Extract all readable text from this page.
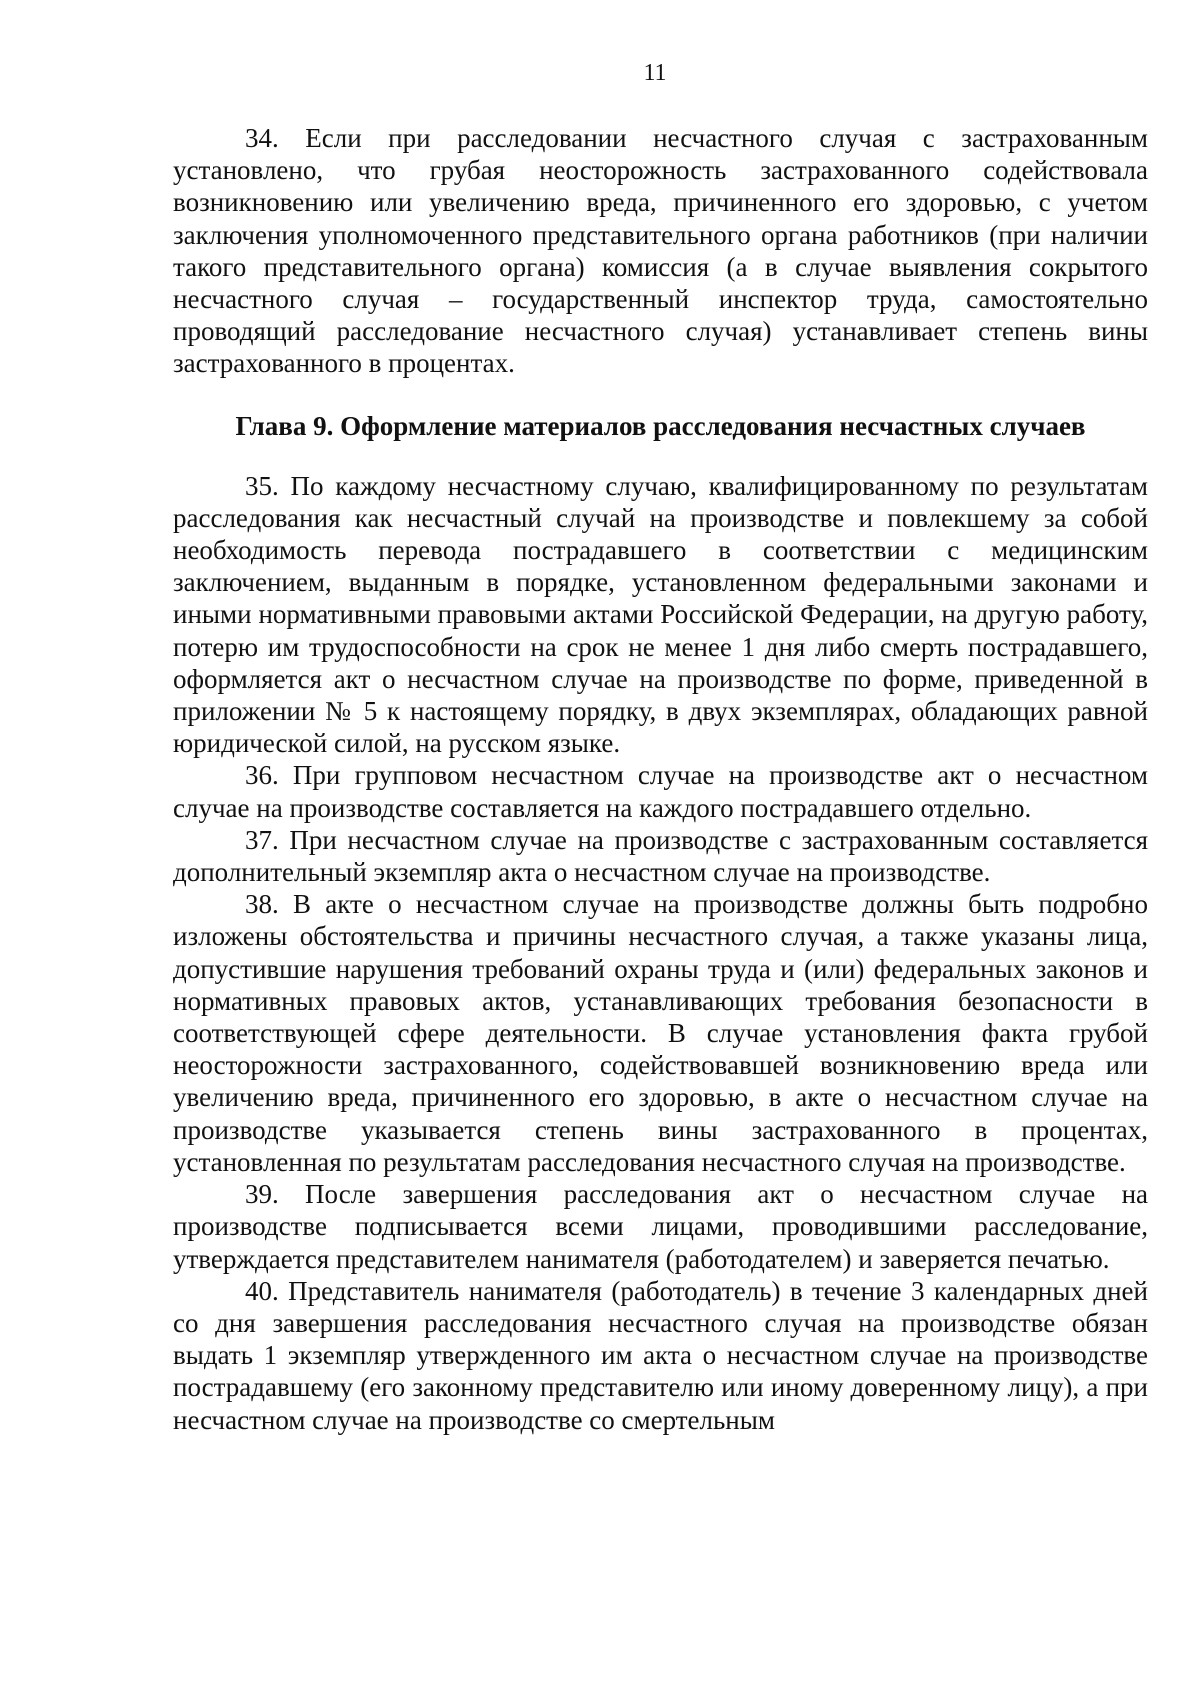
11

34. Если при расследовании несчастного случая с застрахованным установлено, что грубая неосторожность застрахованного содействовала возникновению или увеличению вреда, причиненного его здоровью, с учетом заключения уполномоченного представительного органа работников (при наличии такого представительного органа) комиссия (а в случае выявления сокрытого несчастного случая – государственный инспектор труда, самостоятельно проводящий расследование несчастного случая) устанавливает степень вины застрахованного в процентах.

Глава 9. Оформление материалов расследования несчастных случаев

35. По каждому несчастному случаю, квалифицированному по результатам расследования как несчастный случай на производстве и повлекшему за собой необходимость перевода пострадавшего в соответствии с медицинским заключением, выданным в порядке, установленном федеральными законами и иными нормативными правовыми актами Российской Федерации, на другую работу, потерю им трудоспособности на срок не менее 1 дня либо смерть пострадавшего, оформляется акт о несчастном случае на производстве по форме, приведенной в приложении № 5 к настоящему порядку, в двух экземплярах, обладающих равной юридической силой, на русском языке.

36. При групповом несчастном случае на производстве акт о несчастном случае на производстве составляется на каждого пострадавшего отдельно.

37. При несчастном случае на производстве с застрахованным составляется дополнительный экземпляр акта о несчастном случае на производстве.

38. В акте о несчастном случае на производстве должны быть подробно изложены обстоятельства и причины несчастного случая, а также указаны лица, допустившие нарушения требований охраны труда и (или) федеральных законов и нормативных правовых актов, устанавливающих требования безопасности в соответствующей сфере деятельности. В случае установления факта грубой неосторожности застрахованного, содействовавшей возникновению вреда или увеличению вреда, причиненного его здоровью, в акте о несчастном случае на производстве указывается степень вины застрахованного в процентах, установленная по результатам расследования несчастного случая на производстве.

39. После завершения расследования акт о несчастном случае на производстве подписывается всеми лицами, проводившими расследование, утверждается представителем нанимателя (работодателем) и заверяется печатью.

40. Представитель нанимателя (работодатель) в течение 3 календарных дней со дня завершения расследования несчастного случая на производстве обязан выдать 1 экземпляр утвержденного им акта о несчастном случае на производстве пострадавшему (его законному представителю или иному доверенному лицу), а при несчастном случае на производстве со смертельным
